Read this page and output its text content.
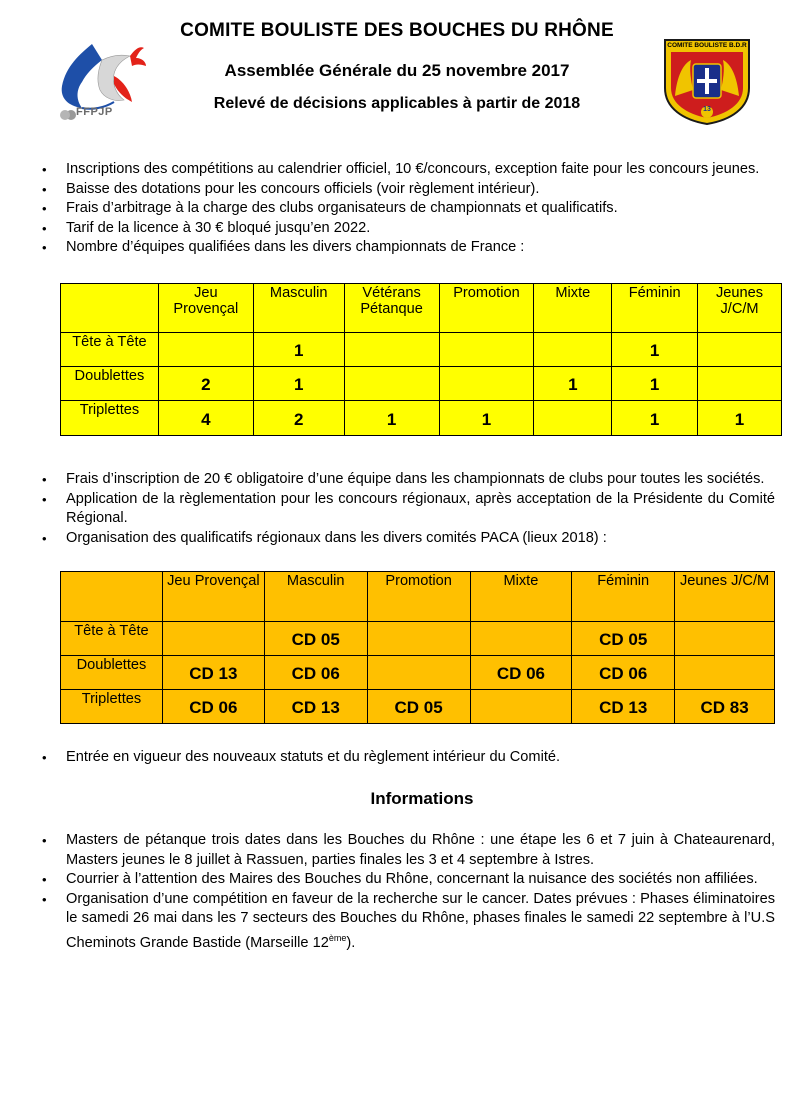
COMITE BOULISTE DES BOUCHES DU RHÔNE
Assemblée Générale du 25 novembre 2017
Relevé de décisions applicables à partir de 2018
FFPJP
COMITE BOULISTE B.D.R
13
• Inscriptions des compétitions au calendrier officiel, 10 €/concours, exception faite pour les concours jeunes.
• Baisse des dotations pour les concours officiels (voir règlement intérieur).
• Frais d’arbitrage à la charge des clubs organisateurs de championnats et qualificatifs.
• Tarif de la licence à 30 € bloqué jusqu’en 2022.
• Nombre d’équipes qualifiées dans les divers championnats de France :
	Jeu Provençal	Masculin	Vétérans Pétanque	Promotion	Mixte	Féminin	Jeunes J/C/M
Tête à Tête		1				1	
Doublettes	2	1			1	1	
Triplettes	4	2	1	1		1	1
• Frais d’inscription de 20 € obligatoire d’une équipe dans les championnats de clubs pour toutes les sociétés.
• Application de la règlementation pour les concours régionaux, après acceptation de la Présidente du Comité Régional.
• Organisation des qualificatifs régionaux dans les divers comités PACA (lieux 2018) :
	Jeu Provençal	Masculin	Promotion	Mixte	Féminin	Jeunes J/C/M
Tête à Tête		CD 05			CD 05	
Doublettes	CD 13	CD 06		CD 06	CD 06	
Triplettes	CD 06	CD 13	CD 05		CD 13	CD 83
• Entrée en vigueur des nouveaux statuts et du règlement intérieur du Comité.
Informations
• Masters de pétanque trois dates dans les Bouches du Rhône : une étape les 6 et 7 juin à Chateaurenard, Masters jeunes le 8 juillet à Rassuen, parties finales les 3 et 4 septembre à Istres.
• Courrier à l’attention des Maires des Bouches du Rhône, concernant la nuisance des sociétés non affiliées.
• Organisation d’une compétition en faveur de la recherche sur le cancer. Dates prévues : Phases éliminatoires le samedi 26 mai dans les 7 secteurs des Bouches du Rhône, phases finales le samedi 22 septembre à l’U.S Cheminots Grande Bastide (Marseille 12ème).
